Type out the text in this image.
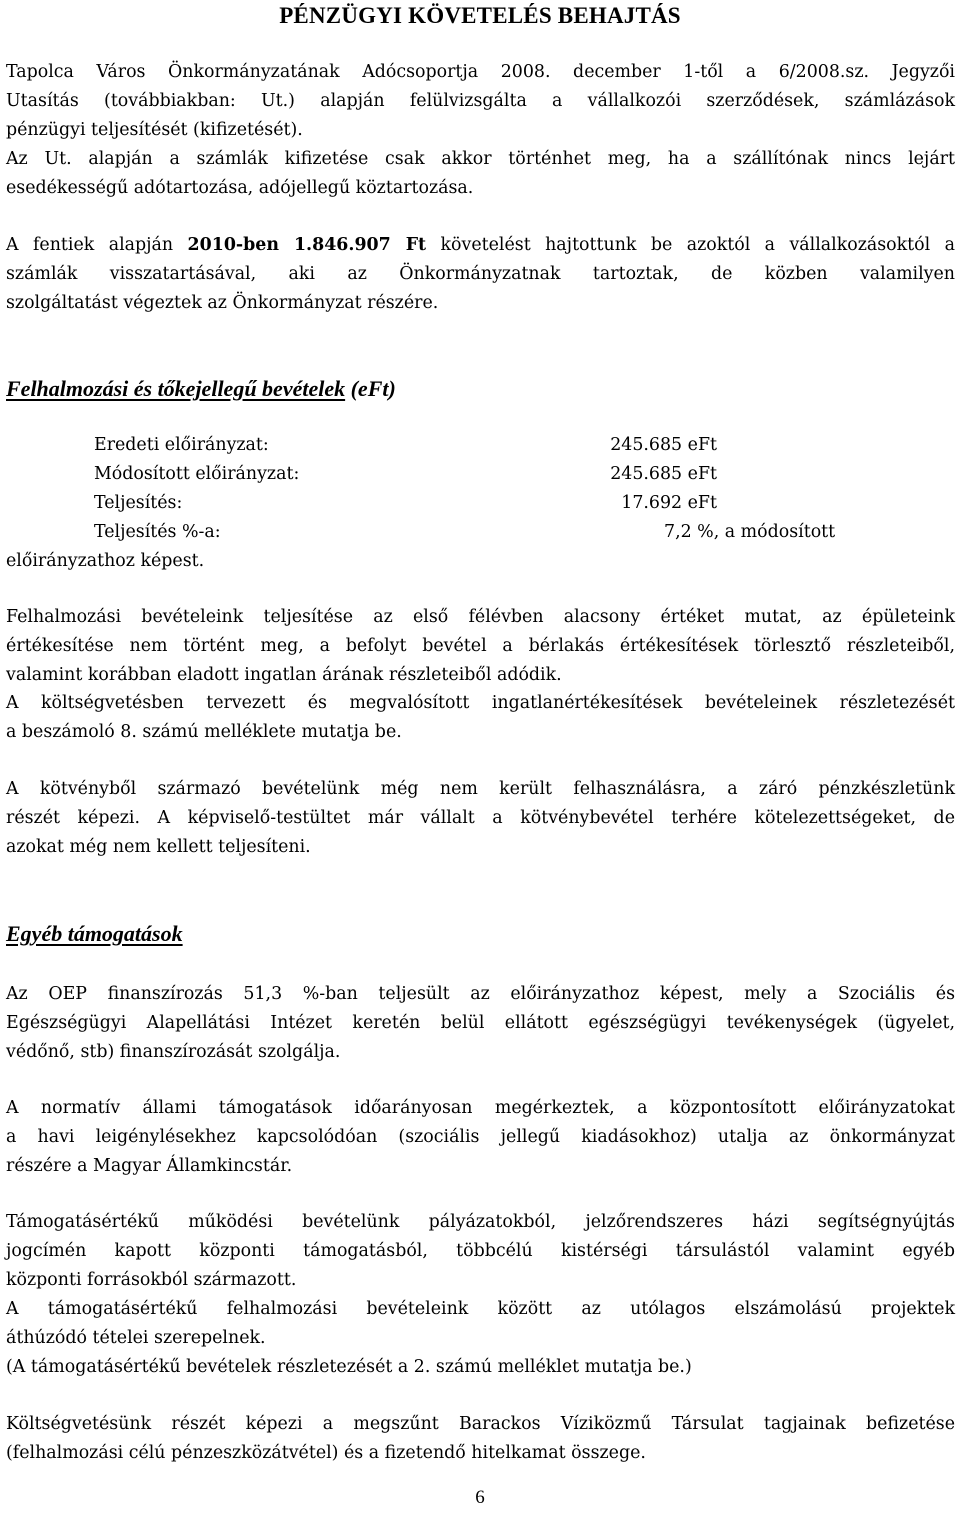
PÉNZÜGYI KÖVETELÉS BEHAJTÁS

Tapolca Város Önkormányzatának Adócsoportja 2008. december 1-től a 6/2008.sz. Jegyzői
Utasítás (továbbiakban: Ut.) alapján felülvizsgálta a vállalkozói szerződések, számlázások
pénzügyi teljesítését (kifizetését).

Az Ut. alapján a számlák kifizetése csak akkor történhet meg, ha a szállítónak nincs lejárt
esedékességű adótartozása, adójellegű köztartozása.

A fentiek alapján 2010-ben 1.846.907 Ft követelést hajtottunk be azoktól a vállalkozásoktól a
számlák visszatartásával, aki az Önkormányzatnak tartoztak, de közben valamilyen
szolgáltatást végeztek az Önkormányzat részére.

Felhalmozási és tőkejellegű bevételek (eFt)
Eredeti előirányzat:	245.685 eFt
Módosított előirányzat:	245.685 eFt
Teljesítés:	17.692 eFt
Teljesítés %-a:	7,2 %, a módosított
előirányzathoz képest.

Felhalmozási bevételeink teljesítése az első félévben alacsony értéket mutat, az épületeink
értékesítése nem történt meg, a befolyt bevétel a bérlakás értékesítések törlesztő részleteiből,
valamint korábban eladott ingatlan árának részleteiből adódik.

A költségvetésben tervezett és megvalósított ingatlanértékesítések bevételeinek részletezését
a beszámoló 8. számú melléklete mutatja be.

A kötvényből származó bevételünk még nem került felhasználásra, a záró pénzkészletünk
részét képezi. A képviselő-testültet már vállalt a kötvénybevétel terhére kötelezettségeket, de
azokat még nem kellett teljesíteni.

Egyéb támogatások

Az OEP finanszírozás 51,3 %-ban teljesült az előirányzathoz képest, mely a Szociális és
Egészségügyi Alapellátási Intézet keretén belül ellátott egészségügyi tevékenységek (ügyelet,
védőnő, stb) finanszírozását szolgálja.

A normatív állami támogatások időarányosan megérkeztek, a központosított előirányzatokat
a havi leigénylésekhez kapcsolódóan (szociális jellegű kiadásokhoz) utalja az önkormányzat
részére a Magyar Államkincstár.

Támogatásértékű működési bevételünk pályázatokból, jelzőrendszeres házi segítségnyújtás
jogcímén kapott központi támogatásból, többcélú kistérségi társulástól valamint egyéb
központi forrásokból származott.

A támogatásértékű felhalmozási bevételeink között az utólagos elszámolású projektek
áthúzódó tételei szerepelnek.

(A támogatásértékű bevételek részletezését a 2. számú melléklet mutatja be.)

Költségvetésünk részét képezi a megszűnt Barackos Víziközmű Társulat tagjainak befizetése
(felhalmozási célú pénzeszközátvétel) és a fizetendő hitelkamat összege.

6
